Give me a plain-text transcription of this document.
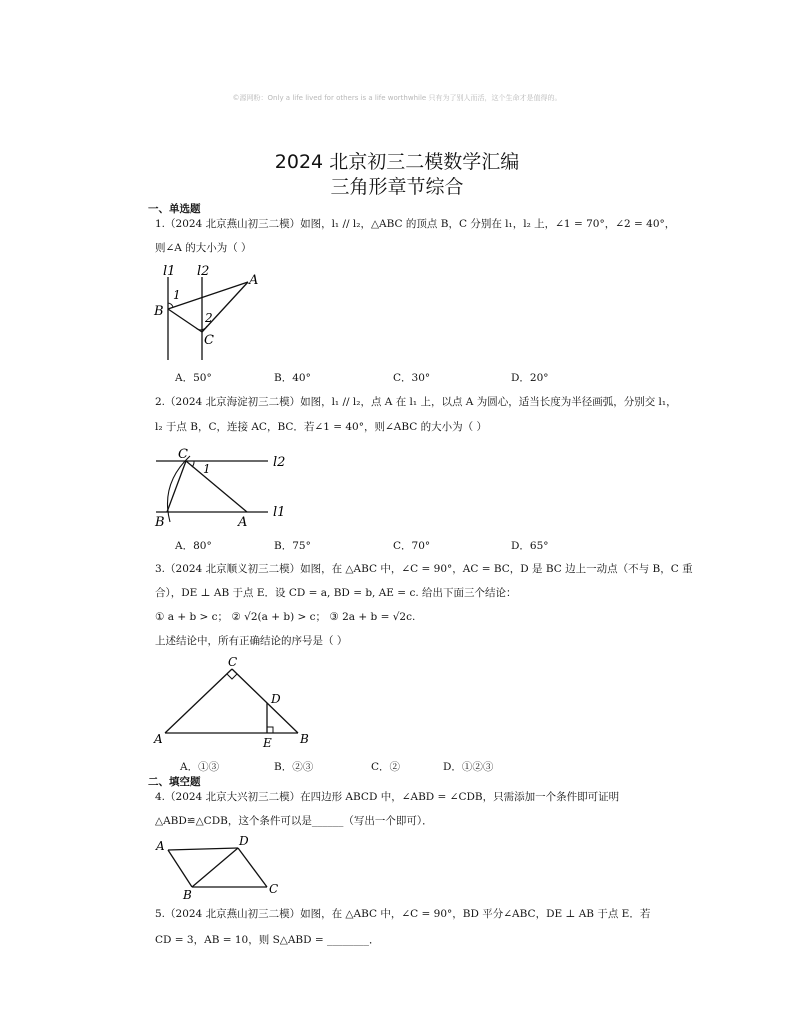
©源网粉：Only a life lived for others is a life worthwhile 只有为了别人而活，这个生命才是值得的。
2024 北京初三二模数学汇编
三角形章节综合
一、单选题
1.（2024 北京燕山初三二模）如图，l₁ // l₂，△ABC 的顶点 B，C 分别在 l₁，l₂ 上，∠1 = 70°，∠2 = 40°，
则∠A 的大小为（ ）
l1 l2
A
B
C
1
2
A．50°	B．40°	C．30°	D．20°
2.（2024 北京海淀初三二模）如图，l₁ // l₂，点 A 在 l₁ 上，以点 A 为圆心，适当长度为半径画弧，分别交 l₁，
l₂ 于点 B，C，连接 AC，BC．若∠1 = 40°，则∠ABC 的大小为（ ）
C
1
B	A
l2
l1
A．80°	B．75°	C．70°	D．65°
3.（2024 北京顺义初三二模）如图，在 △ABC 中，∠C = 90°，AC = BC，D 是 BC 边上一动点（不与 B，C 重
合），DE ⊥ AB 于点 E．设 CD = a, BD = b, AE = c. 给出下面三个结论：
① a + b > c； ② √2(a + b) > c； ③ 2a + b = √2c.
上述结论中，所有正确结论的序号是（ ）
C
D
A	E B
A．①③	B．②③	C．②	D．①②③
二、填空题
4.（2024 北京大兴初三二模）在四边形 ABCD 中，∠ABD = ∠CDB，只需添加一个条件即可证明
△ABD≌△CDB，这个条件可以是______（写出一个即可）．
A	D
B	C
5.（2024 北京燕山初三二模）如图，在 △ABC 中，∠C = 90°，BD 平分∠ABC，DE ⊥ AB 于点 E．若
CD = 3，AB = 10，则 S△ABD = ________．
